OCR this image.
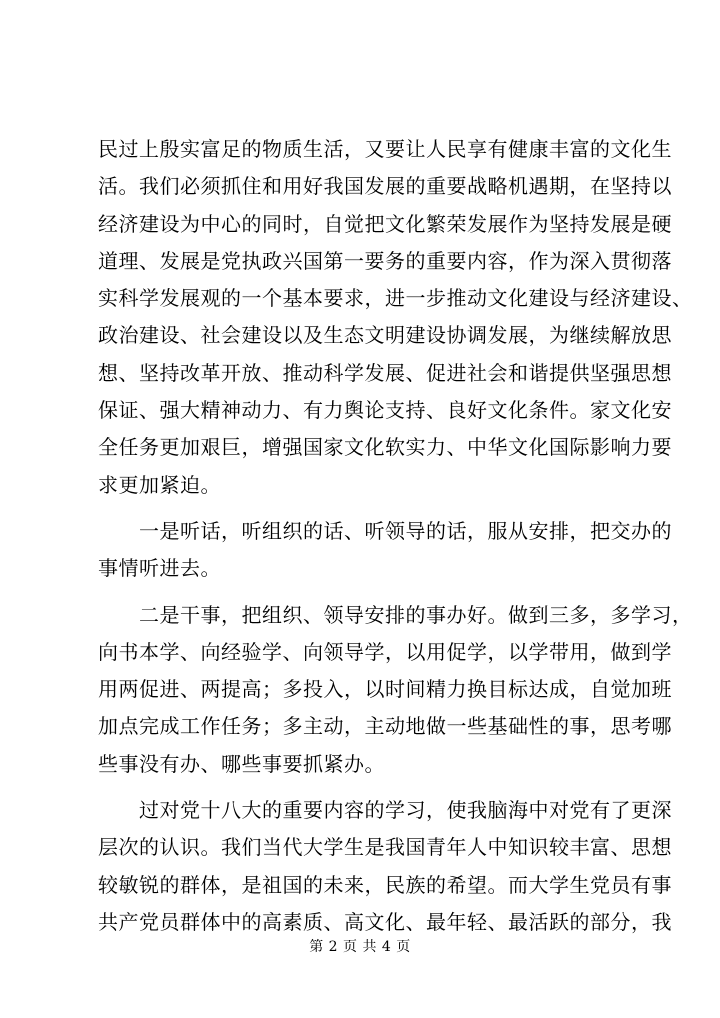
民过上殷实富足的物质生活，又要让人民享有健康丰富的文化生
活。我们必须抓住和用好我国发展的重要战略机遇期，在坚持以
经济建设为中心的同时，自觉把文化繁荣发展作为坚持发展是硬
道理、发展是党执政兴国第一要务的重要内容，作为深入贯彻落
实科学发展观的一个基本要求，进一步推动文化建设与经济建设、
政治建设、社会建设以及生态文明建设协调发展，为继续解放思
想、坚持改革开放、推动科学发展、促进社会和谐提供坚强思想
保证、强大精神动力、有力舆论支持、良好文化条件。家文化安
全任务更加艰巨，增强国家文化软实力、中华文化国际影响力要
求更加紧迫。
　　一是听话，听组织的话、听领导的话，服从安排，把交办的
事情听进去。
　　二是干事，把组织、领导安排的事办好。做到三多，多学习，
向书本学、向经验学、向领导学，以用促学，以学带用，做到学
用两促进、两提高；多投入，以时间精力换目标达成，自觉加班
加点完成工作任务；多主动，主动地做一些基础性的事，思考哪
些事没有办、哪些事要抓紧办。
　　过对党十八大的重要内容的学习，使我脑海中对党有了更深
层次的认识。我们当代大学生是我国青年人中知识较丰富、思想
较敏锐的群体，是祖国的未来，民族的希望。而大学生党员有事
共产党员群体中的高素质、高文化、最年轻、最活跃的部分，我
第 2 页 共 4 页
